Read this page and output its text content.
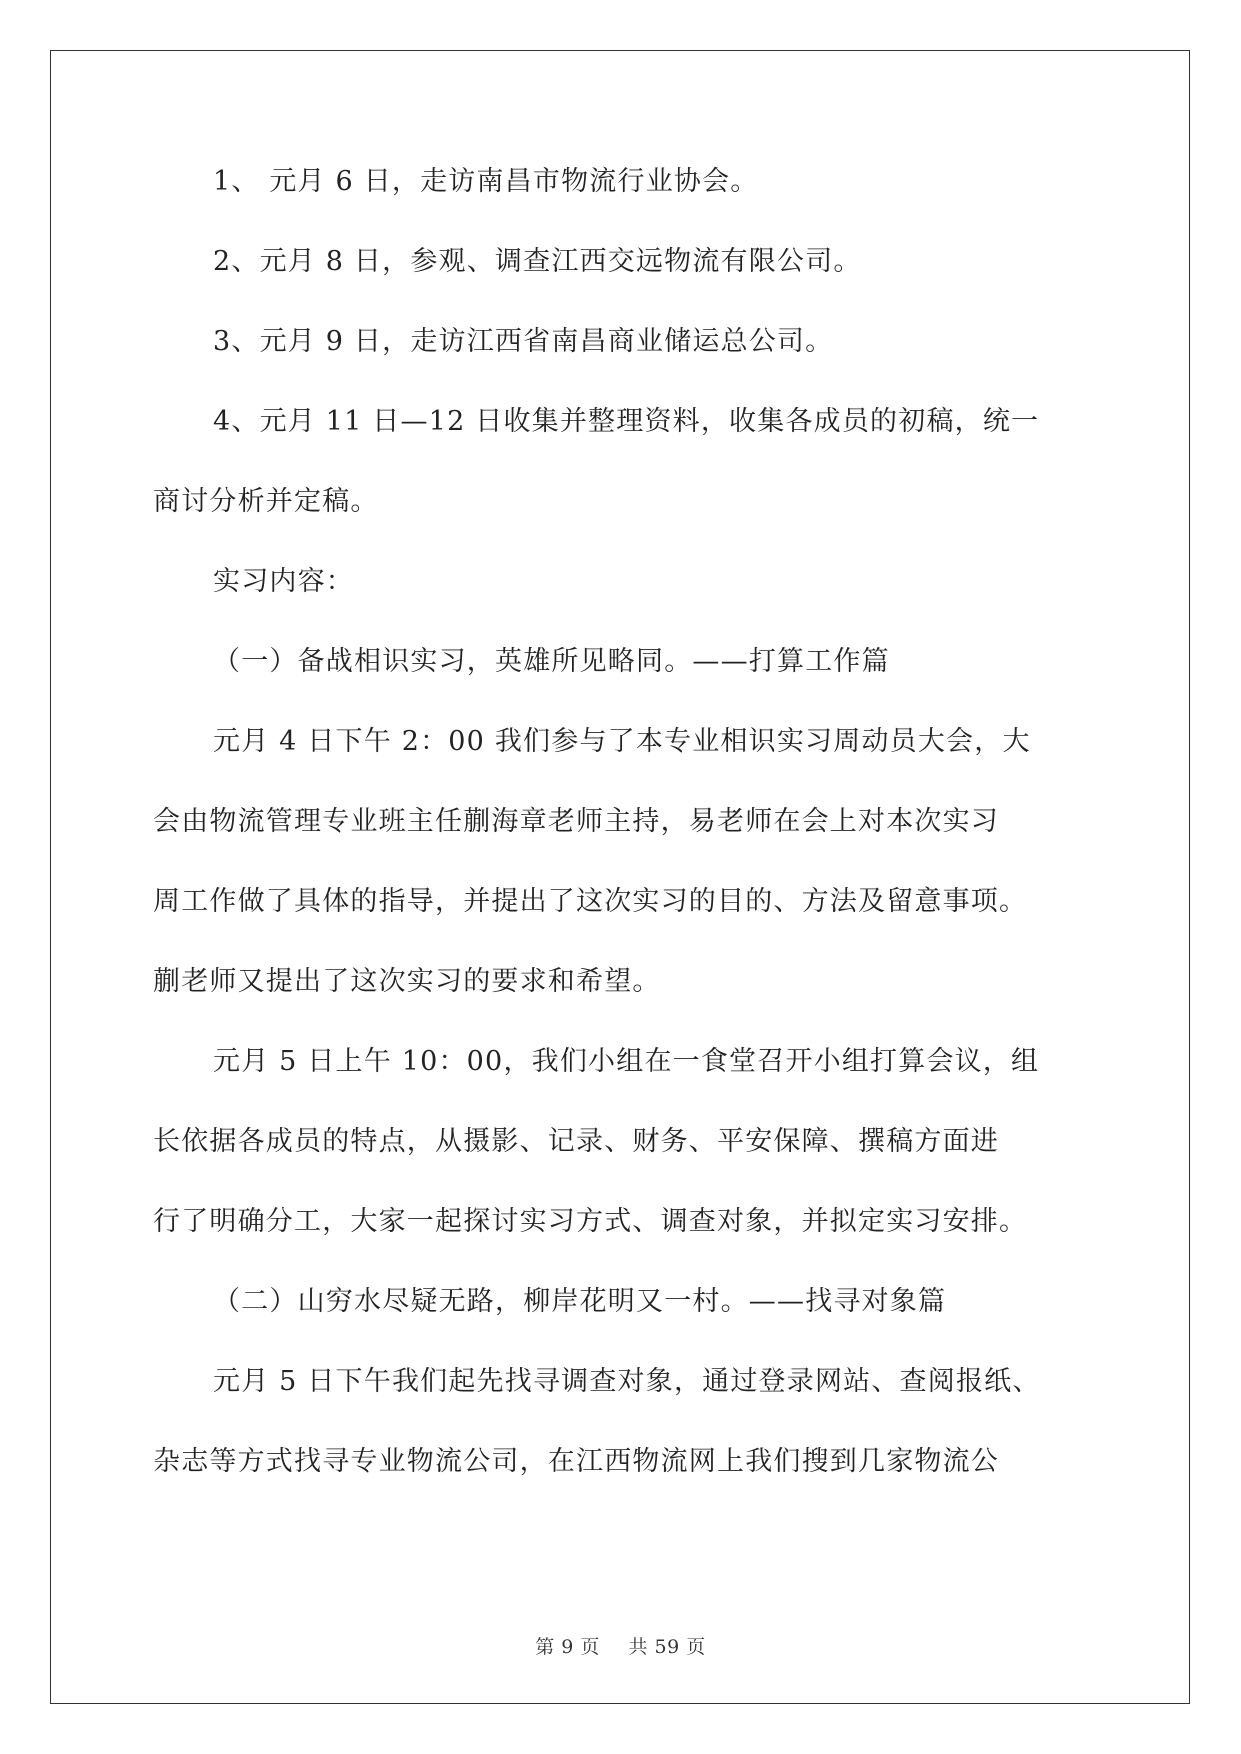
1、 元月 6 日，走访南昌市物流行业协会。
2、元月 8 日，参观、调查江西交远物流有限公司。
3、元月 9 日，走访江西省南昌商业储运总公司。
4、元月 11 日—12 日收集并整理资料，收集各成员的初稿，统一
商讨分析并定稿。
实习内容：
（一）备战相识实习，英雄所见略同。——打算工作篇
元月 4 日下午 2：00 我们参与了本专业相识实习周动员大会，大
会由物流管理专业班主任蒯海章老师主持，易老师在会上对本次实习
周工作做了具体的指导，并提出了这次实习的目的、方法及留意事项。
蒯老师又提出了这次实习的要求和希望。
元月 5 日上午 10：00，我们小组在一食堂召开小组打算会议，组
长依据各成员的特点，从摄影、记录、财务、平安保障、撰稿方面进
行了明确分工，大家一起探讨实习方式、调查对象，并拟定实习安排。
（二）山穷水尽疑无路，柳岸花明又一村。——找寻对象篇
元月 5 日下午我们起先找寻调查对象，通过登录网站、查阅报纸、
杂志等方式找寻专业物流公司，在江西物流网上我们搜到几家物流公
第 9 页 共 59 页
